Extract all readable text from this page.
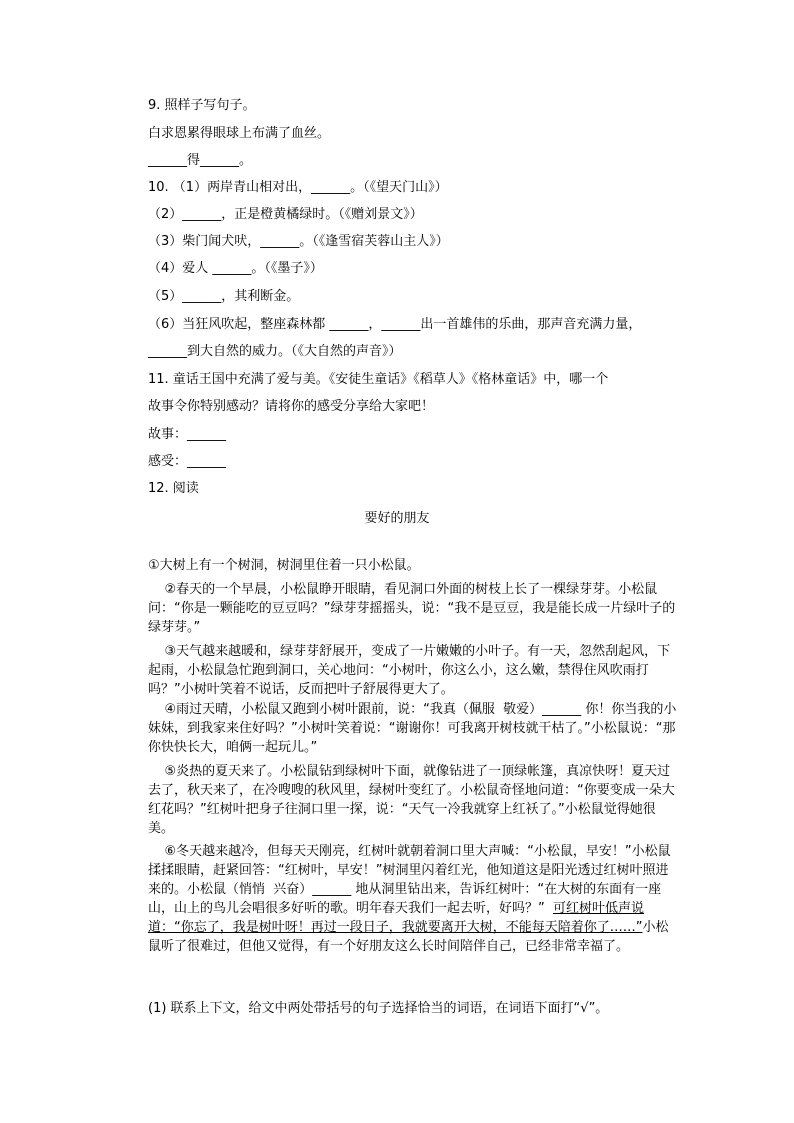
9. 照样子写句子。
白求恩累得眼球上布满了血丝。
______得______。
10. （1）两岸青山相对出，______。（《望天门山》）
（2）______，正是橙黄橘绿时。（《赠刘景文》）
（3）柴门闻犬吠，______。（《逢雪宿芙蓉山主人》）
（4）爱人 ______。（《墨子》）
（5）______，其利断金。
（6）当狂风吹起，整座森林都 ______，______出一首雄伟的乐曲，那声音充满力量，
______到大自然的威力。（《大自然的声音》）
11. 童话王国中充满了爱与美。《安徒生童话》《稻草人》《格林童话》中，哪一个
故事令你特别感动？请将你的感受分享给大家吧！
故事：______
感受：______
12. 阅读
要好的朋友
①大树上有一个树洞，树洞里住着一只小松鼠。
②春天的一个早晨，小松鼠睁开眼睛，看见洞口外面的树枝上长了一棵绿芽芽。小松鼠问：“你是一颗能吃的豆豆吗？”绿芽芽摇摇头，说：“我不是豆豆，我是能长成一片绿叶子的绿芽芽。”
③天气越来越暖和，绿芽芽舒展开，变成了一片嫩嫩的小叶子。有一天，忽然刮起风，下起雨，小松鼠急忙跑到洞口，关心地问：“小树叶，你这么小，这么嫩，禁得住风吹雨打吗？”小树叶笑着不说话，反而把叶子舒展得更大了。
④雨过天晴，小松鼠又跑到小树叶跟前，说：“我真（佩服  敬爱）______ 你！你当我的小妹妹，到我家来住好吗？”小树叶笑着说：“谢谢你！可我离开树枝就干枯了。”小松鼠说：“那你快快长大，咱俩一起玩儿。”
⑤炎热的夏天来了。小松鼠钻到绿树叶下面，就像钻进了一顶绿帐篷，真凉快呀！夏天过去了，秋天来了，在冷嗖嗖的秋风里，绿树叶变红了。小松鼠奇怪地问道：“你要变成一朵大红花吗？”红树叶把身子往洞口里一探，说：“天气一冷我就穿上红袄了。”小松鼠觉得她很美。
⑥冬天越来越冷，但每天天刚亮，红树叶就朝着洞口里大声喊：“小松鼠，早安！”小松鼠揉揉眼睛，赶紧回答：“红树叶，早安！”树洞里闪着红光，他知道这是阳光透过红树叶照进来的。小松鼠（悄悄  兴奋）______ 地从洞里钻出来，告诉红树叶：“在大树的东面有一座山，山上的鸟儿会唱很多好听的歌。明年春天我们一起去听，好吗？”  可红树叶低声说道：“你忘了，我是树叶呀！再过一段日子，我就要离开大树，不能每天陪着你了……”小松鼠听了很难过，但他又觉得，有一个好朋友这么长时间陪伴自己，已经非常幸福了。
(1) 联系上下文，给文中两处带括号的句子选择恰当的词语，在词语下面打“√”。
